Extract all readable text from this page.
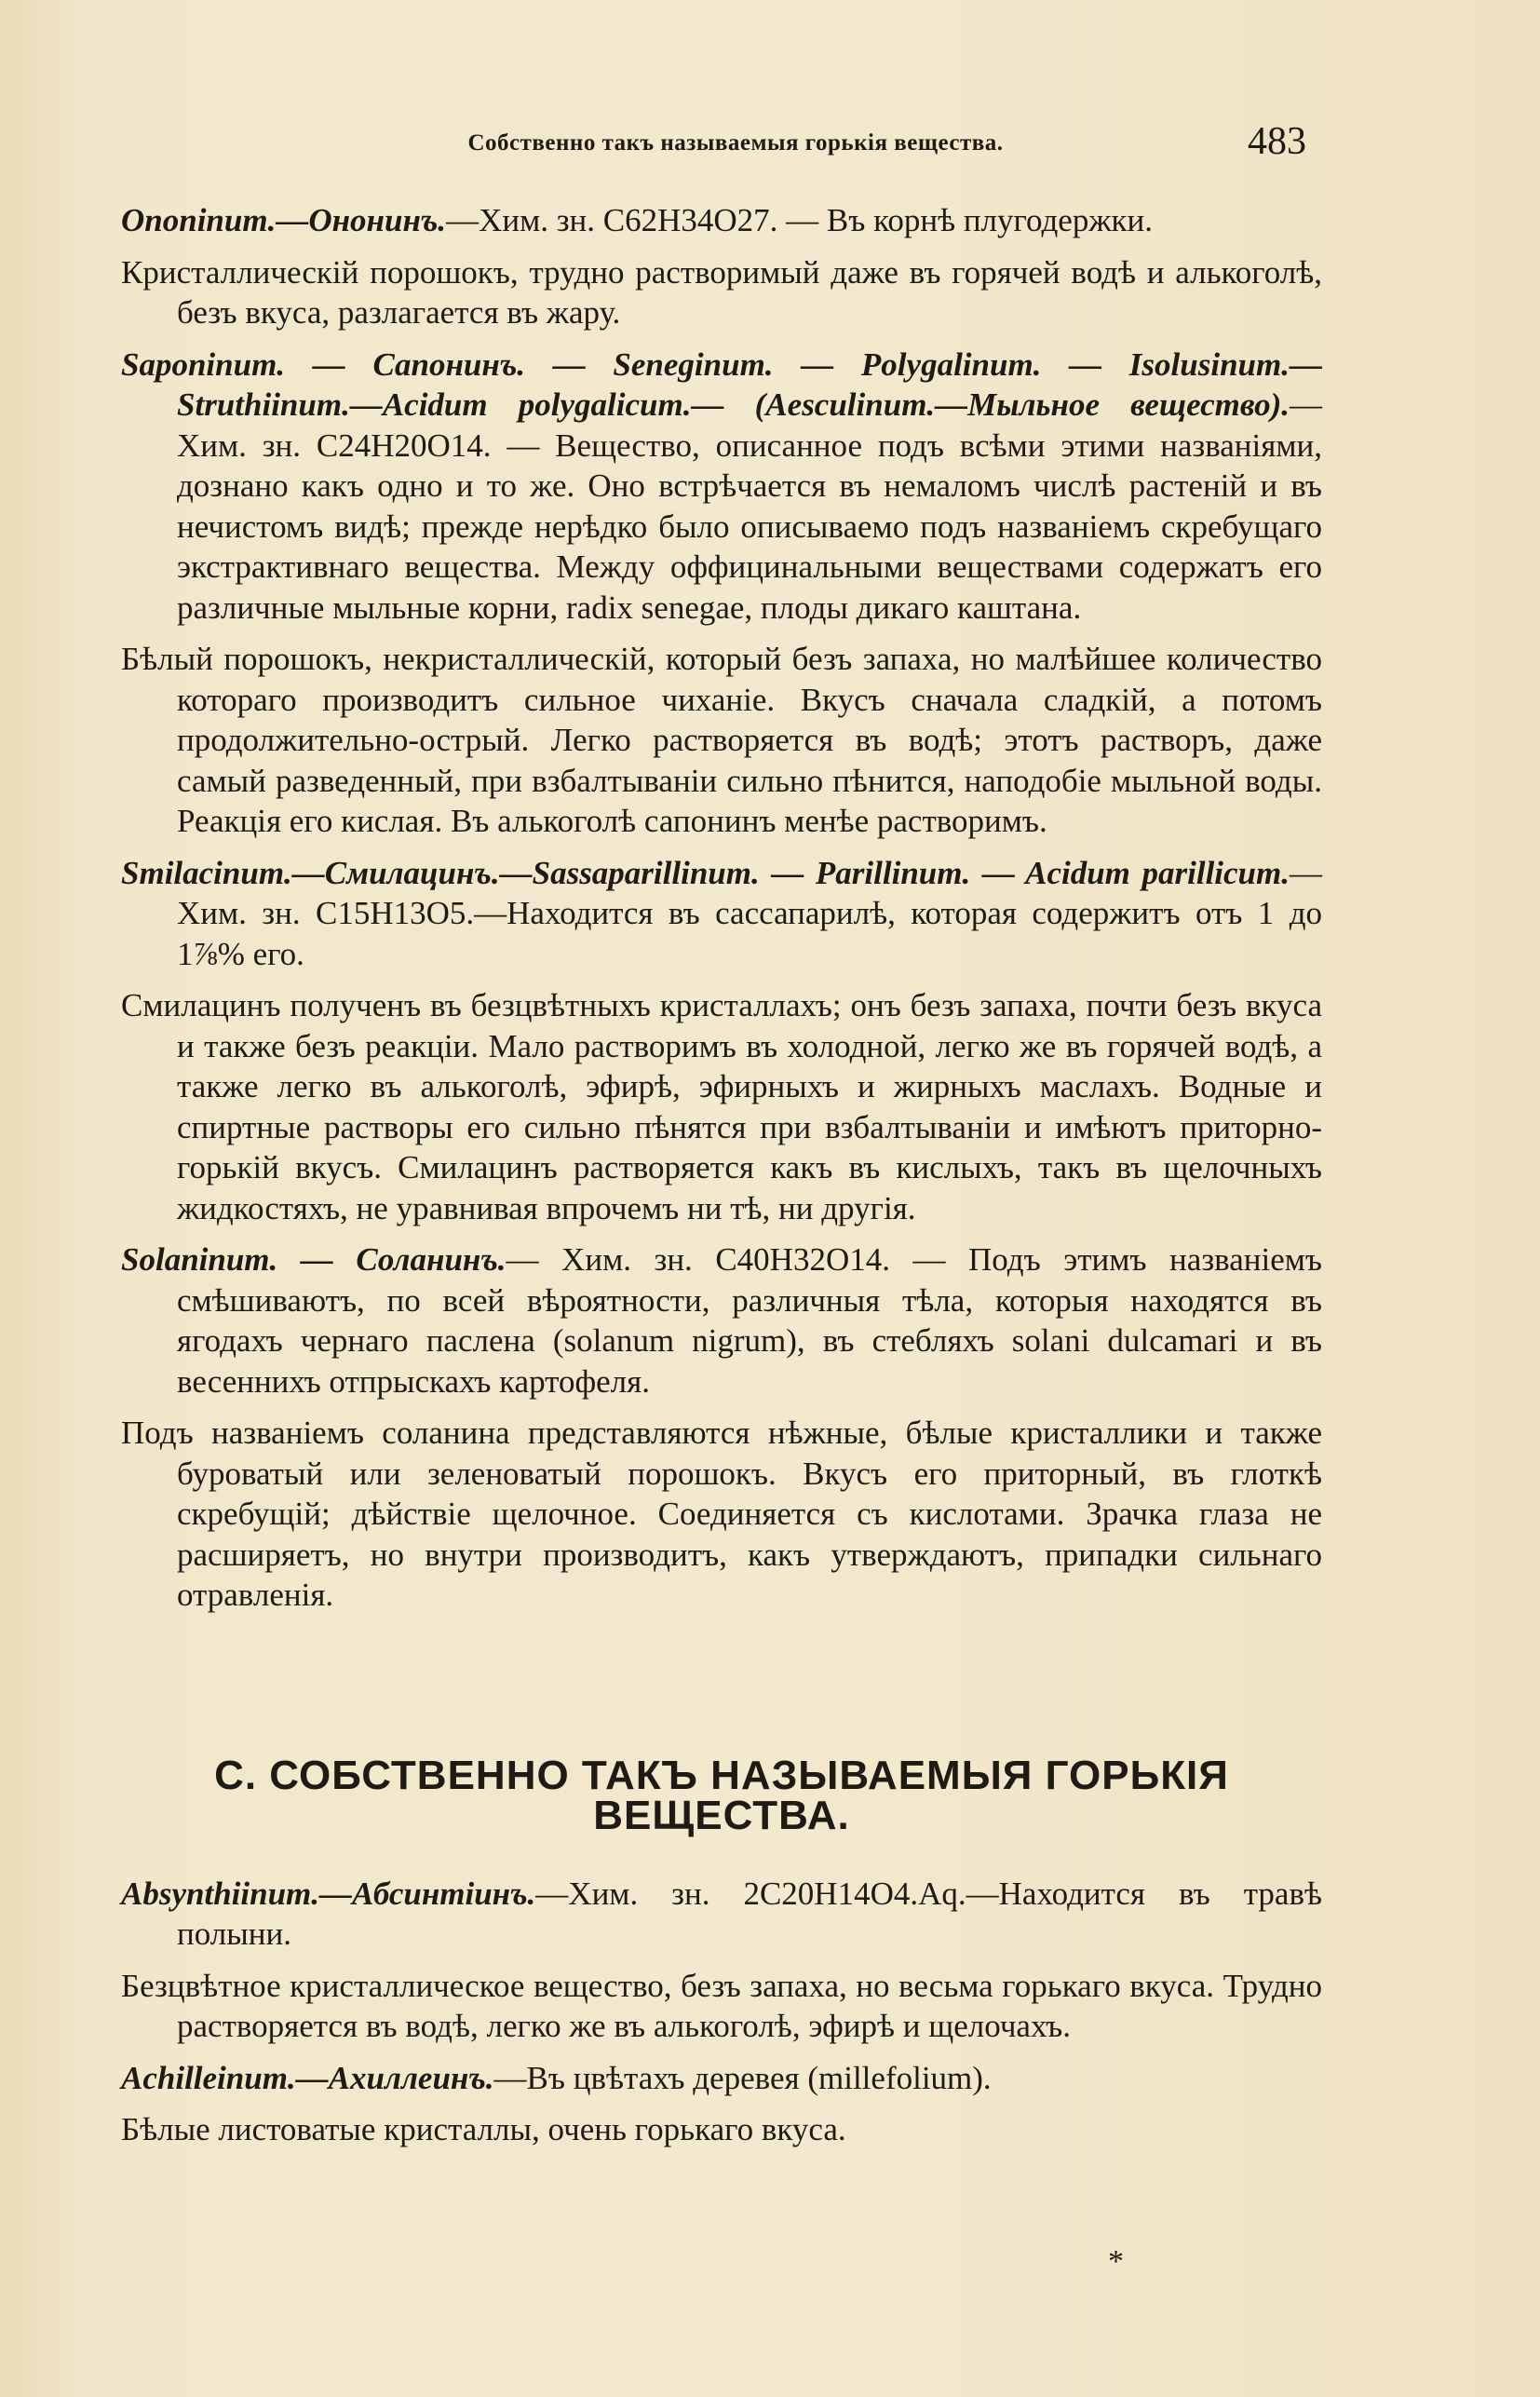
Собственно такъ называемыя горькія вещества.	483

Ononinum.—Ононинъ.—Хим. зн. C62H34O27. — Въ корнѣ плугодержки.

Кристаллическій порошокъ, трудно растворимый даже въ горячей водѣ и алькоголѣ, безъ вкуса, разлагается въ жару.

Saponinum. — Сапонинъ. — Seneginum. — Polygalinum. — Isolusinum.—Struthiinum.—Acidum polygalicum.— (Aesculinum.—Мыльное вещество).— Хим. зн. C24H20O14. — Вещество, описанное подъ всѣми этими названіями, дознано какъ одно и то же. Оно встрѣчается въ немаломъ числѣ растеній и въ нечистомъ видѣ; прежде нерѣдко было описываемо подъ названіемъ скребущаго экстрактивнаго вещества. Между оффицинальными веществами содержатъ его различные мыльные корни, radix senegae, плоды дикаго каштана.

Бѣлый порошокъ, некристаллическій, который безъ запаха, но малѣйшее количество котораго производитъ сильное чиханіе. Вкусъ сначала сладкій, а потомъ продолжительно-острый. Легко растворяется въ водѣ; этотъ растворъ, даже самый разведенный, при взбалтываніи сильно пѣнится, наподобіе мыльной воды. Реакція его кислая. Въ алькоголѣ сапонинъ менѣе растворимъ.

Smilacinum.—Смилацинъ.—Sassaparillinum. — Parillinum. — Acidum parillicum.—Хим. зн. C15H13O5.—Находится въ сассапарилѣ, которая содержитъ отъ 1 до 1⅞% его.

Смилацинъ полученъ въ безцвѣтныхъ кристаллахъ; онъ безъ запаха, почти безъ вкуса и также безъ реакціи. Мало растворимъ въ холодной, легко же въ горячей водѣ, а также легко въ алькоголѣ, эфирѣ, эфирныхъ и жирныхъ маслахъ. Водные и спиртные растворы его сильно пѣнятся при взбалтываніи и имѣютъ приторно-горькій вкусъ. Смилацинъ растворяется какъ въ кислыхъ, такъ въ щелочныхъ жидкостяхъ, не уравнивая впрочемъ ни тѣ, ни другія.

Solaninum. — Соланинъ.— Хим. зн. C40H32O14. — Подъ этимъ названіемъ смѣшиваютъ, по всей вѣроятности, различныя тѣла, которыя находятся въ ягодахъ чернаго паслена (solanum nigrum), въ стебляхъ solani dulcamari и въ весеннихъ отпрыскахъ картофеля.

Подъ названіемъ соланина представляются нѣжные, бѣлые кристаллики и также буроватый или зеленоватый порошокъ. Вкусъ его приторный, въ глоткѣ скребущій; дѣйствіе щелочное. Соединяется съ кислотами. Зрачка глаза не расширяетъ, но внутри производитъ, какъ утверждаютъ, припадки сильнаго отравленія.

C. СОБСТВЕННО ТАКЪ НАЗЫВАЕМЫЯ ГОРЬКІЯ ВЕЩЕСТВА.

Absynthiinum.—Абсинтіинъ.—Хим. зн. 2C20H14O4.Aq.—Находится въ травѣ полыни.

Безцвѣтное кристаллическое вещество, безъ запаха, но весьма горькаго вкуса. Трудно растворяется въ водѣ, легко же въ алькоголѣ, эфирѣ и щелочахъ.

Achilleinum.—Ахиллеинъ.—Въ цвѣтахъ деревея (millefolium).

Бѣлые листоватые кристаллы, очень горькаго вкуса.

*
